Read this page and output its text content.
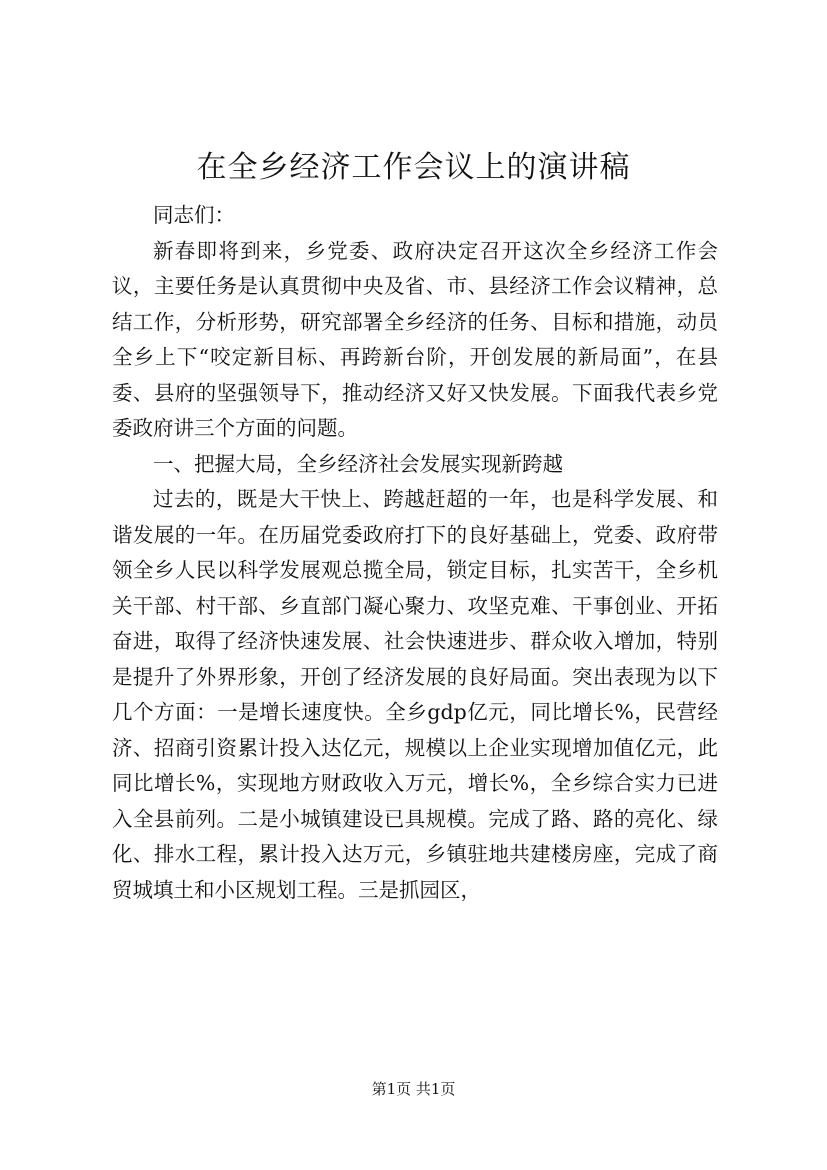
在全乡经济工作会议上的演讲稿

同志们：

新春即将到来，乡党委、政府决定召开这次全乡经济工作会议，主要任务是认真贯彻中央及省、市、县经济工作会议精神，总结工作，分析形势，研究部署全乡经济的任务、目标和措施，动员全乡上下“咬定新目标、再跨新台阶，开创发展的新局面”，在县委、县府的坚强领导下，推动经济又好又快发展。下面我代表乡党委政府讲三个方面的问题。

一、把握大局，全乡经济社会发展实现新跨越

过去的，既是大干快上、跨越赶超的一年，也是科学发展、和谐发展的一年。在历届党委政府打下的良好基础上，党委、政府带领全乡人民以科学发展观总揽全局，锁定目标，扎实苦干，全乡机关干部、村干部、乡直部门凝心聚力、攻坚克难、干事创业、开拓奋进，取得了经济快速发展、社会快速进步、群众收入增加，特别是提升了外界形象，开创了经济发展的良好局面。突出表现为以下几个方面：一是增长速度快。全乡gdp亿元，同比增长%，民营经济、招商引资累计投入达亿元，规模以上企业实现增加值亿元，此同比增长%，实现地方财政收入万元，增长%，全乡综合实力已进入全县前列。二是小城镇建设已具规模。完成了路、路的亮化、绿化、排水工程，累计投入达万元，乡镇驻地共建楼房座，完成了商贸城填土和小区规划工程。三是抓园区，

第1页 共1页
